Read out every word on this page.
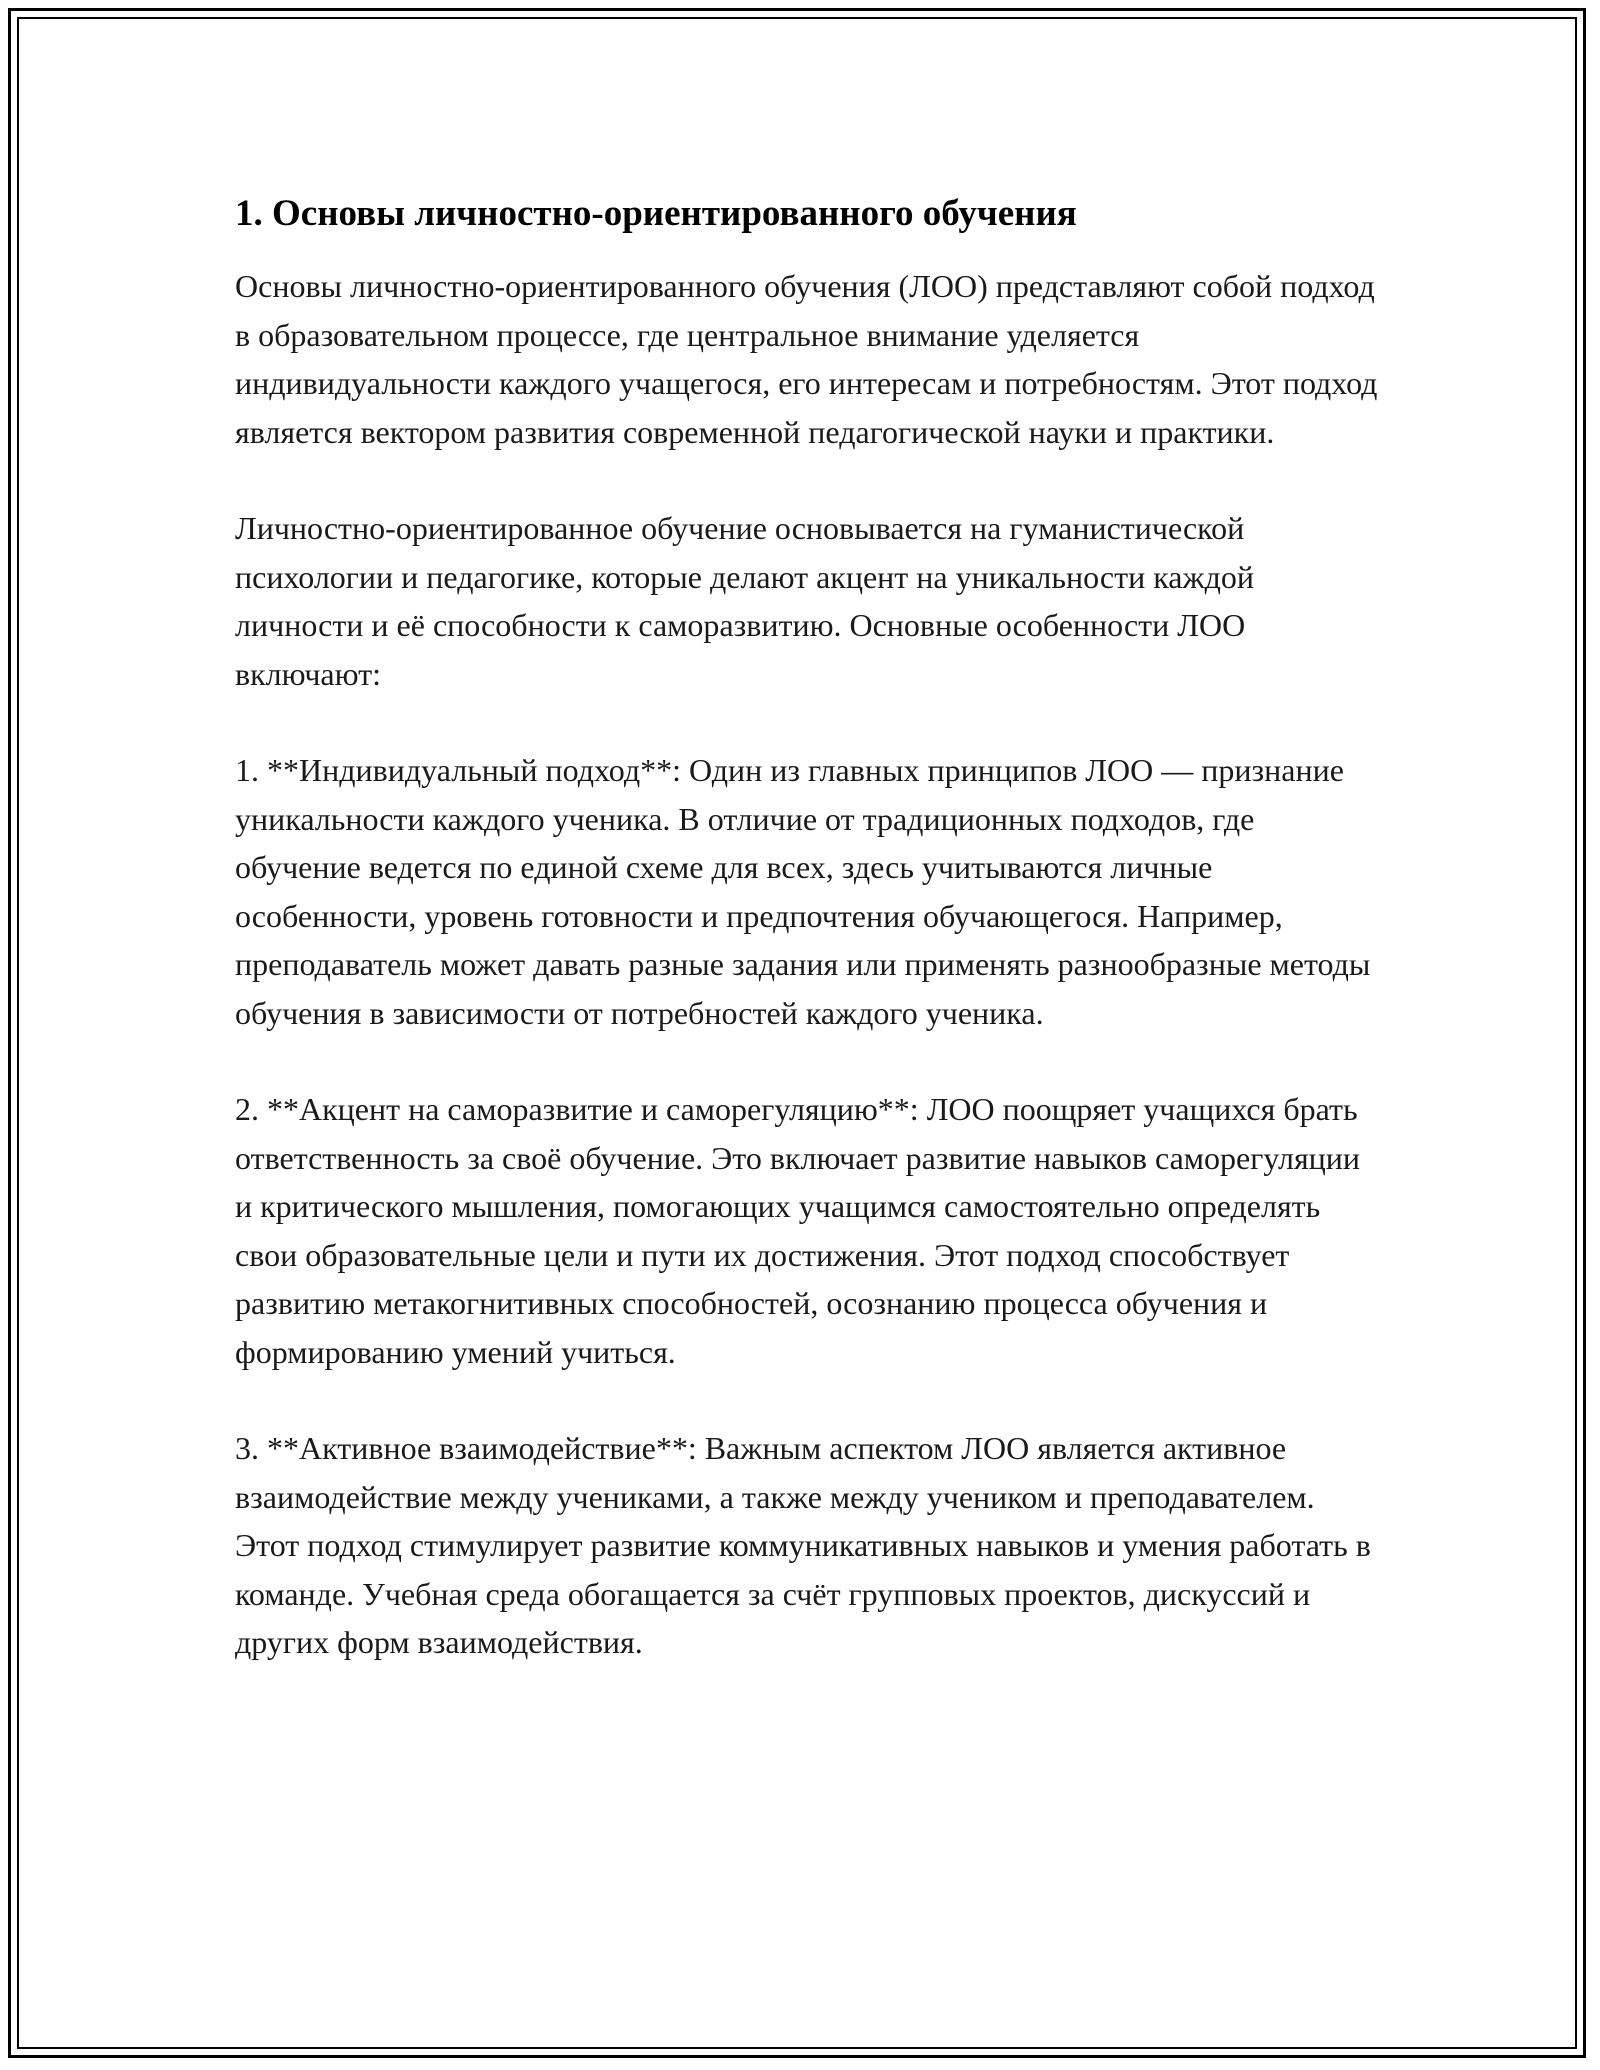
1. Основы личностно-ориентированного обучения

Основы личностно-ориентированного обучения (ЛОО) представляют собой подход в образовательном процессе, где центральное внимание уделяется индивидуальности каждого учащегося, его интересам и потребностям. Этот подход является вектором развития современной педагогической науки и практики.

Личностно-ориентированное обучение основывается на гуманистической психологии и педагогике, которые делают акцент на уникальности каждой личности и её способности к саморазвитию. Основные особенности ЛОО включают:

1. **Индивидуальный подход**: Один из главных принципов ЛОО — признание уникальности каждого ученика. В отличие от традиционных подходов, где обучение ведется по единой схеме для всех, здесь учитываются личные особенности, уровень готовности и предпочтения обучающегося. Например, преподаватель может давать разные задания или применять разнообразные методы обучения в зависимости от потребностей каждого ученика.

2. **Акцент на саморазвитие и саморегуляцию**: ЛОО поощряет учащихся брать ответственность за своё обучение. Это включает развитие навыков саморегуляции и критического мышления, помогающих учащимся самостоятельно определять свои образовательные цели и пути их достижения. Этот подход способствует развитию метакогнитивных способностей, осознанию процесса обучения и формированию умений учиться.

3. **Активное взаимодействие**: Важным аспектом ЛОО является активное взаимодействие между учениками, а также между учеником и преподавателем. Этот подход стимулирует развитие коммуникативных навыков и умения работать в команде. Учебная среда обогащается за счёт групповых проектов, дискуссий и других форм взаимодействия.
